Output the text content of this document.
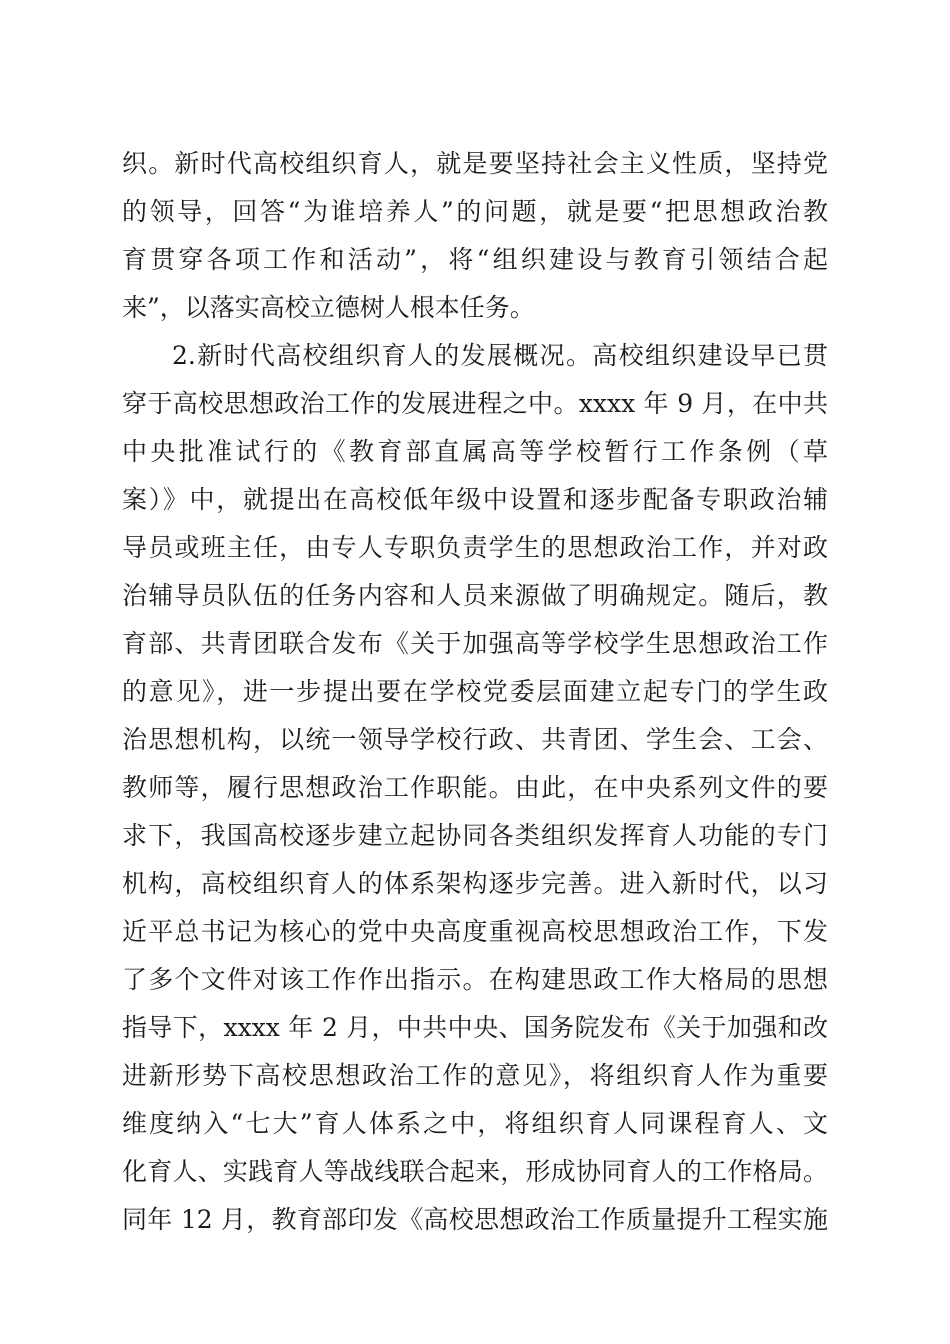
织。新时代高校组织育人，就是要坚持社会主义性质，坚持党
的领导，回答“为谁培养人”的问题，就是要“把思想政治教
育贯穿各项工作和活动”，将“组织建设与教育引领结合起
来”，以落实高校立德树人根本任务。
2.新时代高校组织育人的发展概况。高校组织建设早已贯
穿于高校思想政治工作的发展进程之中。xxxx 年 9 月，在中共
中央批准试行的《教育部直属高等学校暂行工作条例（草
案）》中，就提出在高校低年级中设置和逐步配备专职政治辅
导员或班主任，由专人专职负责学生的思想政治工作，并对政
治辅导员队伍的任务内容和人员来源做了明确规定。随后，教
育部、共青团联合发布《关于加强高等学校学生思想政治工作
的意见》，进一步提出要在学校党委层面建立起专门的学生政
治思想机构，以统一领导学校行政、共青团、学生会、工会、
教师等，履行思想政治工作职能。由此，在中央系列文件的要
求下，我国高校逐步建立起协同各类组织发挥育人功能的专门
机构，高校组织育人的体系架构逐步完善。进入新时代，以习
近平总书记为核心的党中央高度重视高校思想政治工作，下发
了多个文件对该工作作出指示。在构建思政工作大格局的思想
指导下，xxxx 年 2 月，中共中央、国务院发布《关于加强和改
进新形势下高校思想政治工作的意见》，将组织育人作为重要
维度纳入“七大”育人体系之中，将组织育人同课程育人、文
化育人、实践育人等战线联合起来，形成协同育人的工作格局。
同年 12 月，教育部印发《高校思想政治工作质量提升工程实施
